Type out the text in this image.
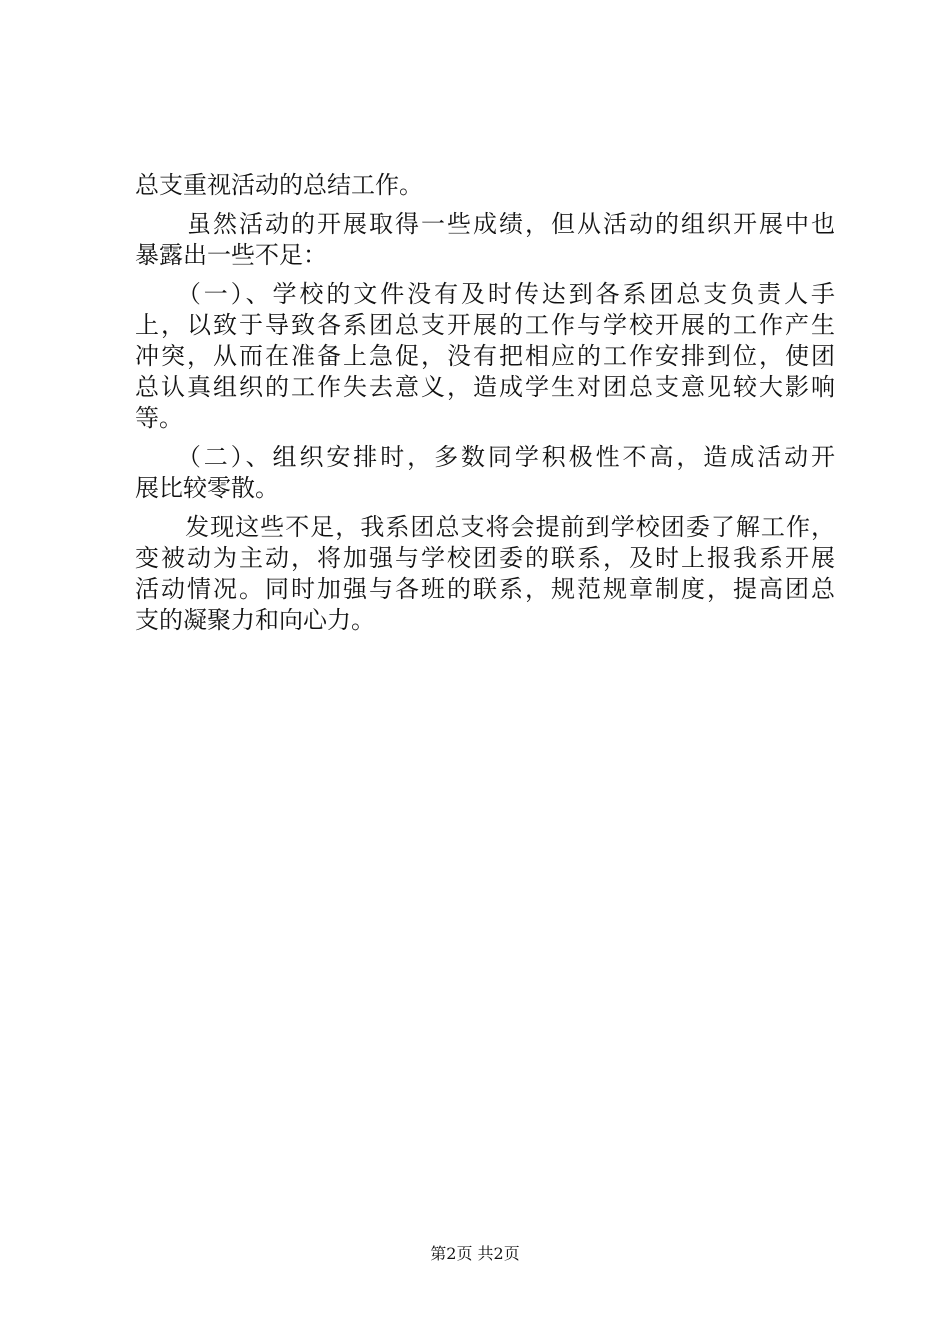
总支重视活动的总结工作。
　　虽然活动的开展取得一些成绩，但从活动的组织开展中也
暴露出一些不足：
　　（一）、学校的文件没有及时传达到各系团总支负责人手
上，以致于导致各系团总支开展的工作与学校开展的工作产生
冲突，从而在准备上急促，没有把相应的工作安排到位，使团
总认真组织的工作失去意义，造成学生对团总支意见较大影响
等。
　　（二）、组织安排时，多数同学积极性不高，造成活动开
展比较零散。
　　发现这些不足，我系团总支将会提前到学校团委了解工作，
变被动为主动，将加强与学校团委的联系，及时上报我系开展
活动情况。同时加强与各班的联系，规范规章制度，提高团总
支的凝聚力和向心力。
第2页 共2页
